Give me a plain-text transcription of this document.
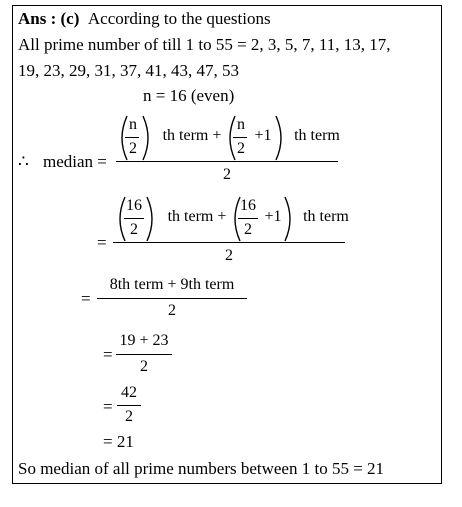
Ans : (c) According to the questions
All prime number of till 1 to 55 = 2, 3, 5, 7, 11, 13, 17,
19, 23, 29, 31, 37, 41, 43, 47, 53
n = 16 (even)
∴ median =
n
2
th term +
n
2
+1	th term
2
=
16
2
th term +
16
2
+1	th term
2
=
8th term + 9th term
2
=
19 + 23
2
=
42
2
= 21
So median of all prime numbers between 1 to 55 = 21
